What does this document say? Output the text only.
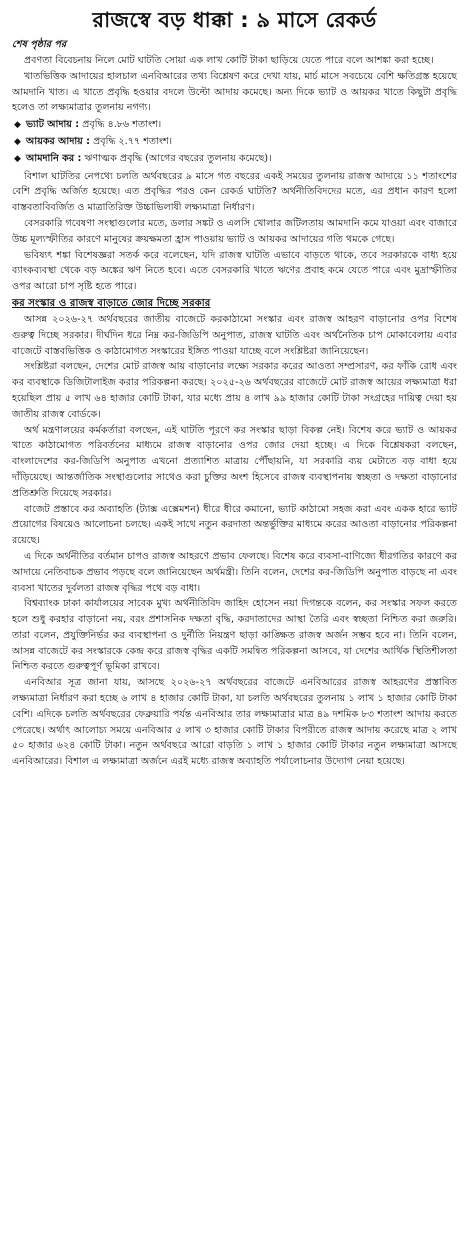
রাজস্বে বড় ধাক্কা : ৯ মাসে রেকর্ড
শেষ পৃষ্ঠার পর

প্রবণতা বিবেচনায় নিলে মোট ঘাটতি সোয়া এক লাখ কোটি টাকা ছাড়িয়ে যেতে পারে বলে আশঙ্কা করা হচ্ছে।

খাতভিত্তিক আদায়ের হালচাল এনবিআরের তথ্য বিশ্লেষণ করে দেখা যায়, মার্চ মাসে সবচেয়ে বেশি ক্ষতিগ্রস্ত হয়েছে আমদানি খাত। এ খাতে প্রবৃদ্ধি হওয়ার বদলে উল্টো আদায় কমেছে। অন্য দিকে ভ্যাট ও আয়কর খাতে কিছুটা প্রবৃদ্ধি হলেও তা লক্ষ্যমাত্রার তুলনায় নগণ্য।

◆ ভ্যাট আদায় : প্রবৃদ্ধি ৪.৮৬ শতাংশ।
◆ আয়কর আদায় : প্রবৃদ্ধি ২.৭৭ শতাংশ।
◆ আমদানি কর : ঋণাত্মক প্রবৃদ্ধি (আগের বছরের তুলনায় কমেছে)।

বিশাল ঘাটতির নেপথ্যে চলতি অর্থবছরের ৯ মাসে গত বছরের একই সময়ের তুলনায় রাজস্ব আদায়ে ১১ শতাংশের বেশি প্রবৃদ্ধি অর্জিত হয়েছে। এত প্রবৃদ্ধির পরও কেন রেকর্ড ঘাটতি? অর্থনীতিবিদদের মতে, এর প্রধান কারণ হলো বাস্তবতাবিবর্জিত ও মাত্রাতিরিক্ত উচ্চাভিলাষী লক্ষ্যমাত্রা নির্ধারণ।

বেসরকারি গবেষণা সংস্থাগুলোর মতে, ডলার সঙ্কট ও এলসি খোলার জটিলতায় আমদানি কমে যাওয়া এবং বাজারে উচ্চ মূল্যস্ফীতির কারণে মানুষের ক্রয়ক্ষমতা হ্রাস পাওয়ায় ভ্যাট ও আয়কর আদায়ের গতি থমকে গেছে।

ভবিষ্যৎ শঙ্কা বিশেষজ্ঞরা সতর্ক করে বলেছেন, যদি রাজস্ব ঘাটতি এভাবে বাড়তে থাকে, তবে সরকারকে বাধ্য হয়ে ব্যাংকব্যবস্থা থেকে বড় অঙ্কের ঋণ নিতে হবে। এতে বেসরকারি খাতে ঋণের প্রবাহ কমে যেতে পারে এবং মুদ্রাস্ফীতির ওপর আরো চাপ সৃষ্টি হতে পারে।

কর সংস্কার ও রাজস্ব বাড়াতে জোর দিচ্ছে সরকার

আসন্ন ২০২৬-২৭ অর্থবছরের জাতীয় বাজেটে করকাঠামো সংস্কার এবং রাজস্ব আহরণ বাড়ানোর ওপর বিশেষ গুরুত্ব দিচ্ছে সরকার। দীর্ঘদিন ধরে নিম্ন কর-জিডিপি অনুপাত, রাজস্ব ঘাটতি এবং অর্থনৈতিক চাপ মোকাবেলায় এবার বাজেটে বাস্তবভিত্তিক ও কাঠামোগত সংস্কারের ইঙ্গিত পাওয়া যাচ্ছে বলে সংশ্লিষ্টরা জানিয়েছেন।

সংশ্লিষ্টরা বলছেন, দেশের মোট রাজস্ব আয় বাড়ানোর লক্ষ্যে সরকার করের আওতা সম্প্রসারণ, কর ফাঁকি রোধ এবং কর ব্যবস্থাকে ডিজিটালাইজ করার পরিকল্পনা করছে। ২০২৫-২৬ অর্থবছরের বাজেটে মোট রাজস্ব আয়ের লক্ষ্যমাত্রা ধরা হয়েছিল প্রায় ৫ লাখ ৬৪ হাজার কোটি টাকা, যার মধ্যে প্রায় ৪ লাখ ৯৯ হাজার কোটি টাকা সংগ্রহের দায়িত্ব দেয়া হয় জাতীয় রাজস্ব বোর্ডকে।

অর্থ মন্ত্রণালয়ের কর্মকর্তারা বলছেন, এই ঘাটতি পূরণে কর সংস্কার ছাড়া বিকল্প নেই। বিশেষ করে ভ্যাট ও আয়কর খাতে কাঠামোগত পরিবর্তনের মাধ্যমে রাজস্ব বাড়ানোর ওপর জোর দেয়া হচ্ছে। এ দিকে বিশ্লেষকরা বলছেন, বাংলাদেশের কর-জিডিপি অনুপাত এখনো প্রত্যাশিত মাত্রায় পৌঁছায়নি, যা সরকারি ব্যয় মেটাতে বড় বাধা হয়ে দাঁড়িয়েছে। আন্তর্জাতিক সংস্থাগুলোর সাথেও করা চুক্তির অংশ হিসেবে রাজস্ব ব্যবস্থাপনায় স্বচ্ছতা ও দক্ষতা বাড়ানোর প্রতিশ্রুতি দিয়েছে সরকার।

বাজেট প্রস্তাবে কর অব্যাহতি (ট্যাক্স এক্সেমশন) ধীরে ধীরে কমানো, ভ্যাট কাঠামো সহজ করা এবং একক হারে ভ্যাট প্রয়োগের বিষয়েও আলোচনা চলছে। একই সাথে নতুন করদাতা অন্তর্ভুক্তির মাধ্যমে করের আওতা বাড়ানোর পরিকল্পনা রয়েছে।

এ দিকে অর্থনীতির বর্তমান চাপও রাজস্ব আহরণে প্রভাব ফেলছে। বিশেষ করে ব্যবসা-বাণিজ্যে ধীরগতির কারণে কর আদায়ে নেতিবাচক প্রভাব পড়ছে বলে জানিয়েছেন অর্থমন্ত্রী। তিনি বলেন, দেশের কর-জিডিপি অনুপাত বাড়ছে না এবং ব্যবসা খাতের দুর্বলতা রাজস্ব বৃদ্ধির পথে বড় বাধা।

বিশ্বব্যাংক ঢাকা কার্যালয়ের সাবেক মুখ্য অর্থনীতিবিদ জাহিদ হোসেন নয়া দিগন্তকে বলেন, কর সংস্কার সফল করতে হলে শুধু করহার বাড়ানো নয়, বরং প্রশাসনিক দক্ষতা বৃদ্ধি, করদাতাদের আস্থা তৈরি এবং স্বচ্ছতা নিশ্চিত করা জরুরি। তারা বলেন, প্রযুক্তিনির্ভর কর ব্যবস্থাপনা ও দুর্নীতি নিয়ন্ত্রণ ছাড়া কাঙ্ক্ষিত রাজস্ব অর্জন সম্ভব হবে না। তিনি বলেন, আসন্ন বাজেটে কর সংস্কারকে কেন্দ্র করে রাজস্ব বৃদ্ধির একটি সমন্বিত পরিকল্পনা আসবে, যা দেশের আর্থিক স্থিতিশীলতা নিশ্চিত করতে গুরুত্বপূর্ণ ভূমিকা রাখবে।

এনবিআর সূত্র জানা যায়, আসছে ২০২৬-২৭ অর্থবছরের বাজেটে এনবিআরের রাজস্ব আহরণের প্রস্তাবিত লক্ষ্যমাত্রা নির্ধারণ করা হচ্ছে ৬ লাখ ৪ হাজার কোটি টাকা, যা চলতি অর্থবছরের তুলনায় ১ লাখ ১ হাজার কোটি টাকা বেশি। এদিকে চলতি অর্থবছরের ফেব্রুয়ারি পর্যন্ত এনবিআর তার লক্ষ্যমাত্রার মাত্র ৪৯ দশমিক ৮৩ শতাংশ আদায় করতে পেরেছে। অর্থাৎ আলোচ্য সময়ে এনবিআর ৫ লাখ ৩ হাজার কোটি টাকার বিপরীতে রাজস্ব আদায় করেছে মাত্র ২ লাখ ৫০ হাজার ৬২৪ কোটি টাকা। নতুন অর্থবছরে আরো বাড়তি ১ লাখ ১ হাজার কোটি টাকার নতুন লক্ষ্যমাত্রা আসছে এনবিআরের। বিশাল এ লক্ষ্যমাত্রা অর্জনে এরই মধ্যে রাজস্ব অব্যাহতি পর্যালোচনার উদ্যোগ নেয়া হয়েছে।
